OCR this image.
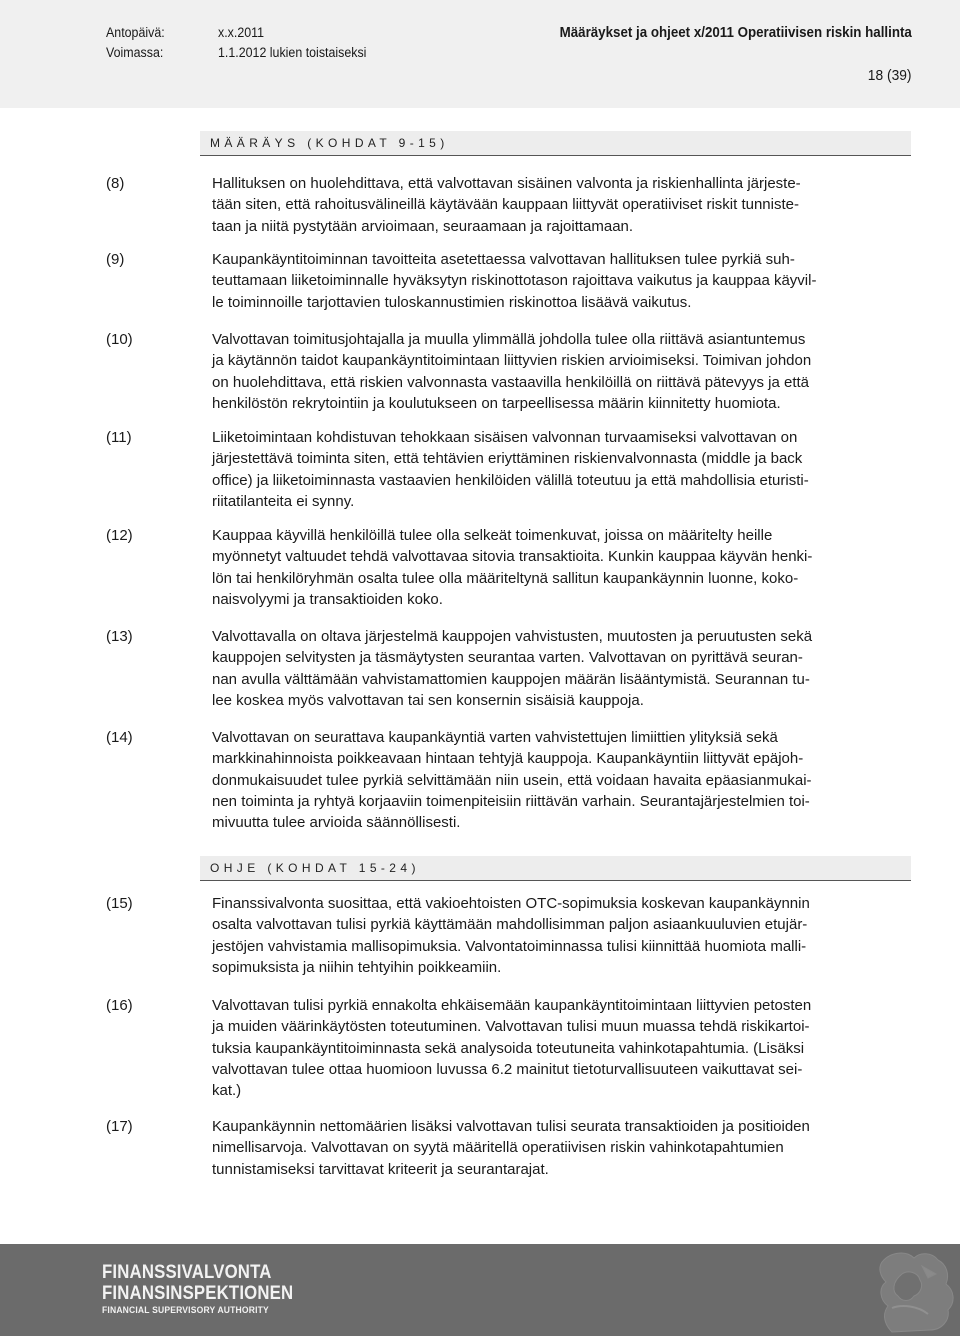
Antopäivä:	x.x.2011
Voimassa:	1.1.2012 lukien toistaiseksi
Määräykset ja ohjeet x/2011 Operatiivisen riskin hallinta
18 (39)
MÄÄRÄYS (KOHDAT 9-15)
(8)	Hallituksen on huolehdittava, että valvottavan sisäinen valvonta ja riskienhallinta järjeste-
tään siten, että rahoitusvälineillä käytävään kauppaan liittyvät operatiiviset riskit tunniste-
taan ja niitä pystytään arvioimaan, seuraamaan ja rajoittamaan.
(9)	Kaupankäyntitoiminnan tavoitteita asetettaessa valvottavan hallituksen tulee pyrkiä suh-
teuttamaan liiketoiminnalle hyväksytyn riskinottotason rajoittava vaikutus ja kauppaa käyvil-
le toiminnoille tarjottavien tuloskannustimien riskinottoa lisäävä vaikutus.
(10)	Valvottavan toimitusjohtajalla ja muulla ylimmällä johdolla tulee olla riittävä asiantuntemus
ja käytännön taidot kaupankäyntitoimintaan liittyvien riskien arvioimiseksi. Toimivan johdon
on huolehdittava, että riskien valvonnasta vastaavilla henkilöillä on riittävä pätevyys ja että
henkilöstön rekrytointiin ja koulutukseen on tarpeellisessa määrin kiinnitetty huomiota.
(11)	Liiketoimintaan kohdistuvan tehokkaan sisäisen valvonnan turvaamiseksi valvottavan on
järjestettävä toiminta siten, että tehtävien eriyttäminen riskienvalvonnasta (middle ja back
office) ja liiketoiminnasta vastaavien henkilöiden välillä toteutuu ja että mahdollisia eturisti-
riitatilanteita ei synny.
(12)	Kauppaa käyvillä henkilöillä tulee olla selkeät toimenkuvat, joissa on määritelty heille
myönnetyt valtuudet tehdä valvottavaa sitovia transaktioita. Kunkin kauppaa käyvän henki-
lön tai henkilöryhmän osalta tulee olla määriteltynä sallitun kaupankäynnin luonne, koko-
naisvolyymi ja transaktioiden koko.
(13)	Valvottavalla on oltava järjestelmä kauppojen vahvistusten, muutosten ja peruutusten sekä
kauppojen selvitysten ja täsmäytysten seurantaa varten. Valvottavan on pyrittävä seuran-
nan avulla välttämään vahvistamattomien kauppojen määrän lisääntymistä. Seurannan tu-
lee koskea myös valvottavan tai sen konsernin sisäisiä kauppoja.
(14)	Valvottavan on seurattava kaupankäyntiä varten vahvistettujen limiittien ylityksiä sekä
markkinahinnoista poikkeavaan hintaan tehtyjä kauppoja. Kaupankäyntiin liittyvät epäjoh-
donmukaisuudet tulee pyrkiä selvittämään niin usein, että voidaan havaita epäasianmukai-
nen toiminta ja ryhtyä korjaaviin toimenpiteisiin riittävän varhain. Seurantajärjestelmien toi-
mivuutta tulee arvioida säännöllisesti.
OHJE (KOHDAT 15-24)
(15)	Finanssivalvonta suosittaa, että vakioehtoisten OTC-sopimuksia koskevan kaupankäynnin
osalta valvottavan tulisi pyrkiä käyttämään mahdollisimman paljon asiaankuuluvien etujär-
jestöjen vahvistamia mallisopimuksia. Valvontatoiminnassa tulisi kiinnittää huomiota malli-
sopimuksista ja niihin tehtyihin poikkeamiin.
(16)	Valvottavan tulisi pyrkiä ennakolta ehkäisemään kaupankäyntitoimintaan liittyvien petosten
ja muiden väärinkäytösten toteutuminen. Valvottavan tulisi muun muassa tehdä riskikartoi-
tuksia kaupankäyntitoiminnasta sekä analysoida toteutuneita vahinkotapahtumia. (Lisäksi
valvottavan tulee ottaa huomioon luvussa 6.2 mainitut tietoturvallisuuteen vaikuttavat sei-
kat.)
(17)	Kaupankäynnin nettomäärien lisäksi valvottavan tulisi seurata transaktioiden ja positioiden
nimellisarvoja. Valvottavan on syytä määritellä operatiivisen riskin vahinkotapahtumien
tunnistamiseksi tarvittavat kriteerit ja seurantarajat.
FINANSSIVALVONTA
FINANSINSPEKTIONEN
FINANCIAL SUPERVISORY AUTHORITY
